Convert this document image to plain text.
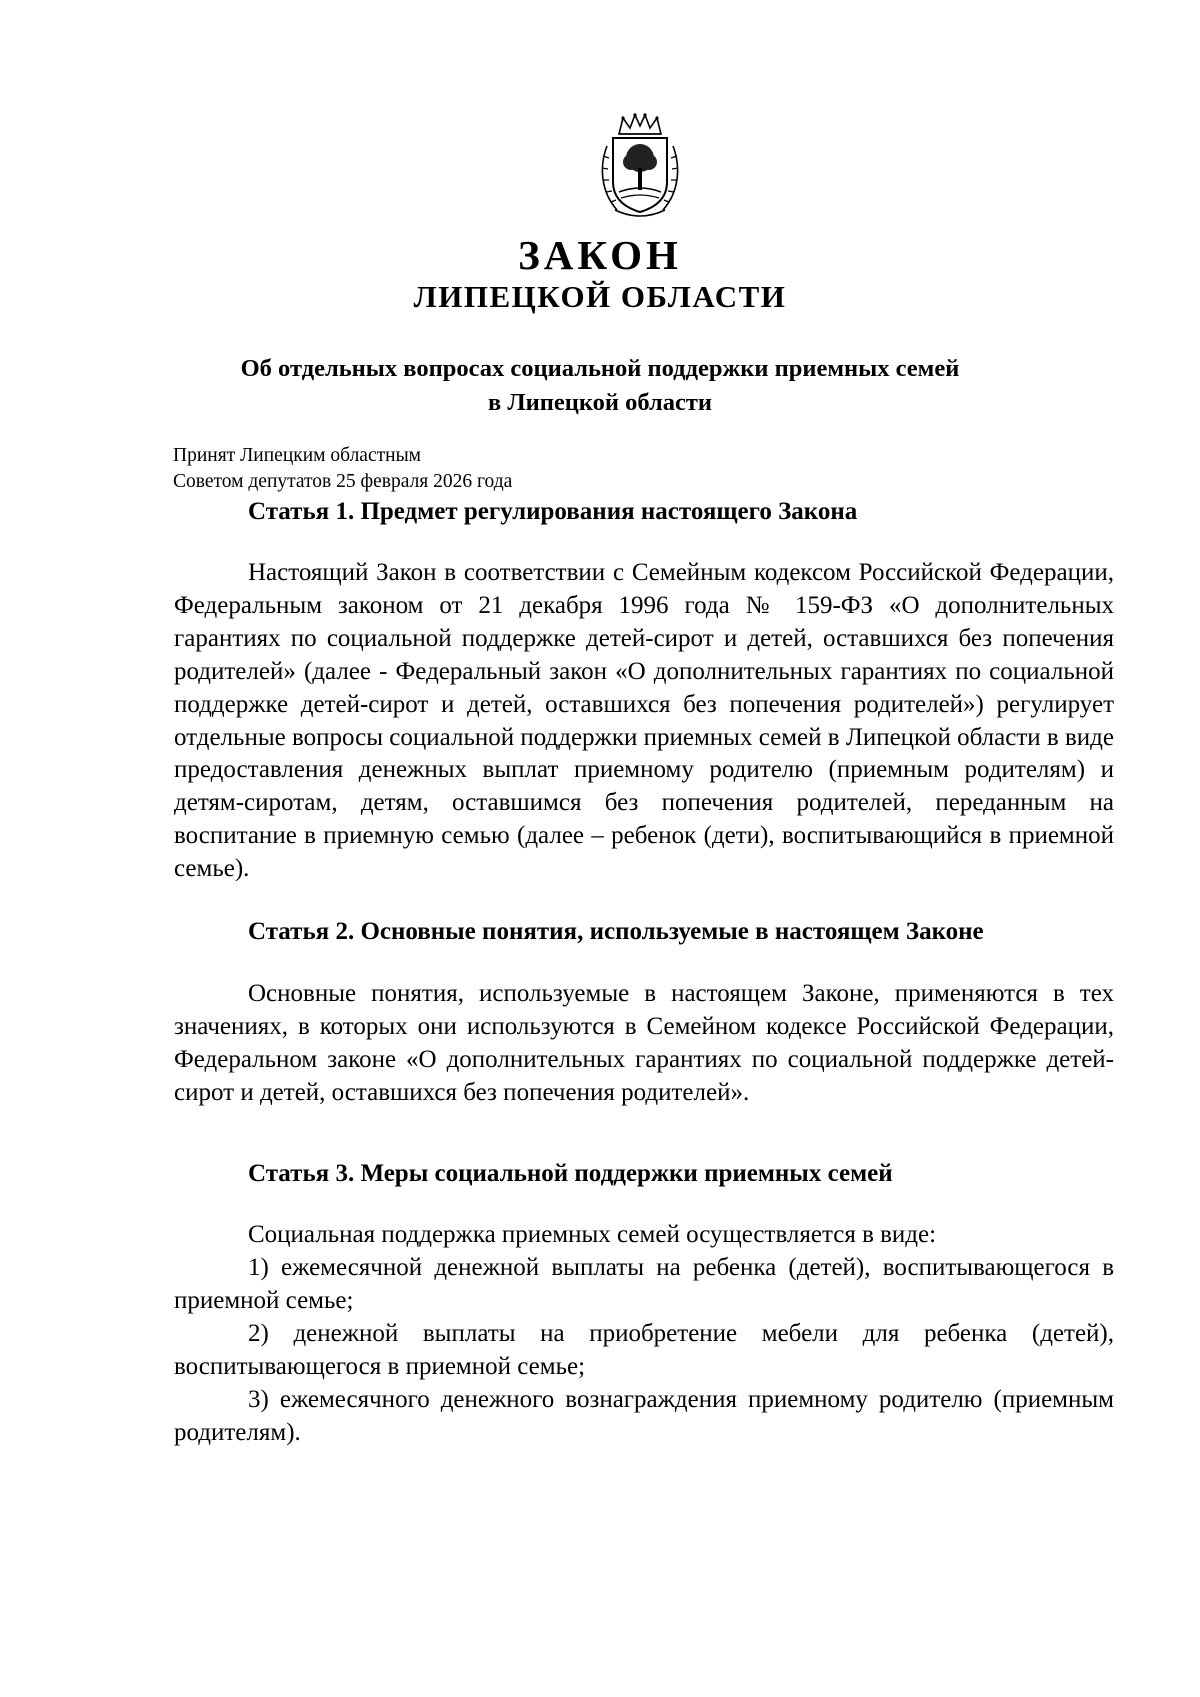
ЗАКОН
ЛИПЕЦКОЙ ОБЛАСТИ
Об отдельных вопросах социальной поддержки приемных семей
в Липецкой области

Принят Липецким областным
Советом депутатов 25 февраля 2026 года

Статья 1. Предмет регулирования настоящего Закона

Настоящий Закон в соответствии с Семейным кодексом Российской Федерации, Федеральным законом от 21 декабря 1996 года № 159-ФЗ «О дополнительных гарантиях по социальной поддержке детей-сирот и детей, оставшихся без попечения родителей» (далее - Федеральный закон «О дополнительных гарантиях по социальной поддержке детей-сирот и детей, оставшихся без попечения родителей») регулирует отдельные вопросы социальной поддержки приемных семей в Липецкой области в виде предоставления денежных выплат приемному родителю (приемным родителям) и детям-сиротам, детям, оставшимся без попечения родителей, переданным на воспитание в приемную семью (далее – ребенок (дети), воспитывающийся в приемной семье).

Статья 2. Основные понятия, используемые в настоящем Законе

Основные понятия, используемые в настоящем Законе, применяются в тех значениях, в которых они используются в Семейном кодексе Российской Федерации, Федеральном законе «О дополнительных гарантиях по социальной поддержке детей-сирот и детей, оставшихся без попечения родителей».

Статья 3. Меры социальной поддержки приемных семей

Социальная поддержка приемных семей осуществляется в виде:

1) ежемесячной денежной выплаты на ребенка (детей), воспитывающегося в приемной семье;

2) денежной выплаты на приобретение мебели для ребенка (детей), воспитывающегося в приемной семье;

3) ежемесячного денежного вознаграждения приемному родителю (приемным родителям).
